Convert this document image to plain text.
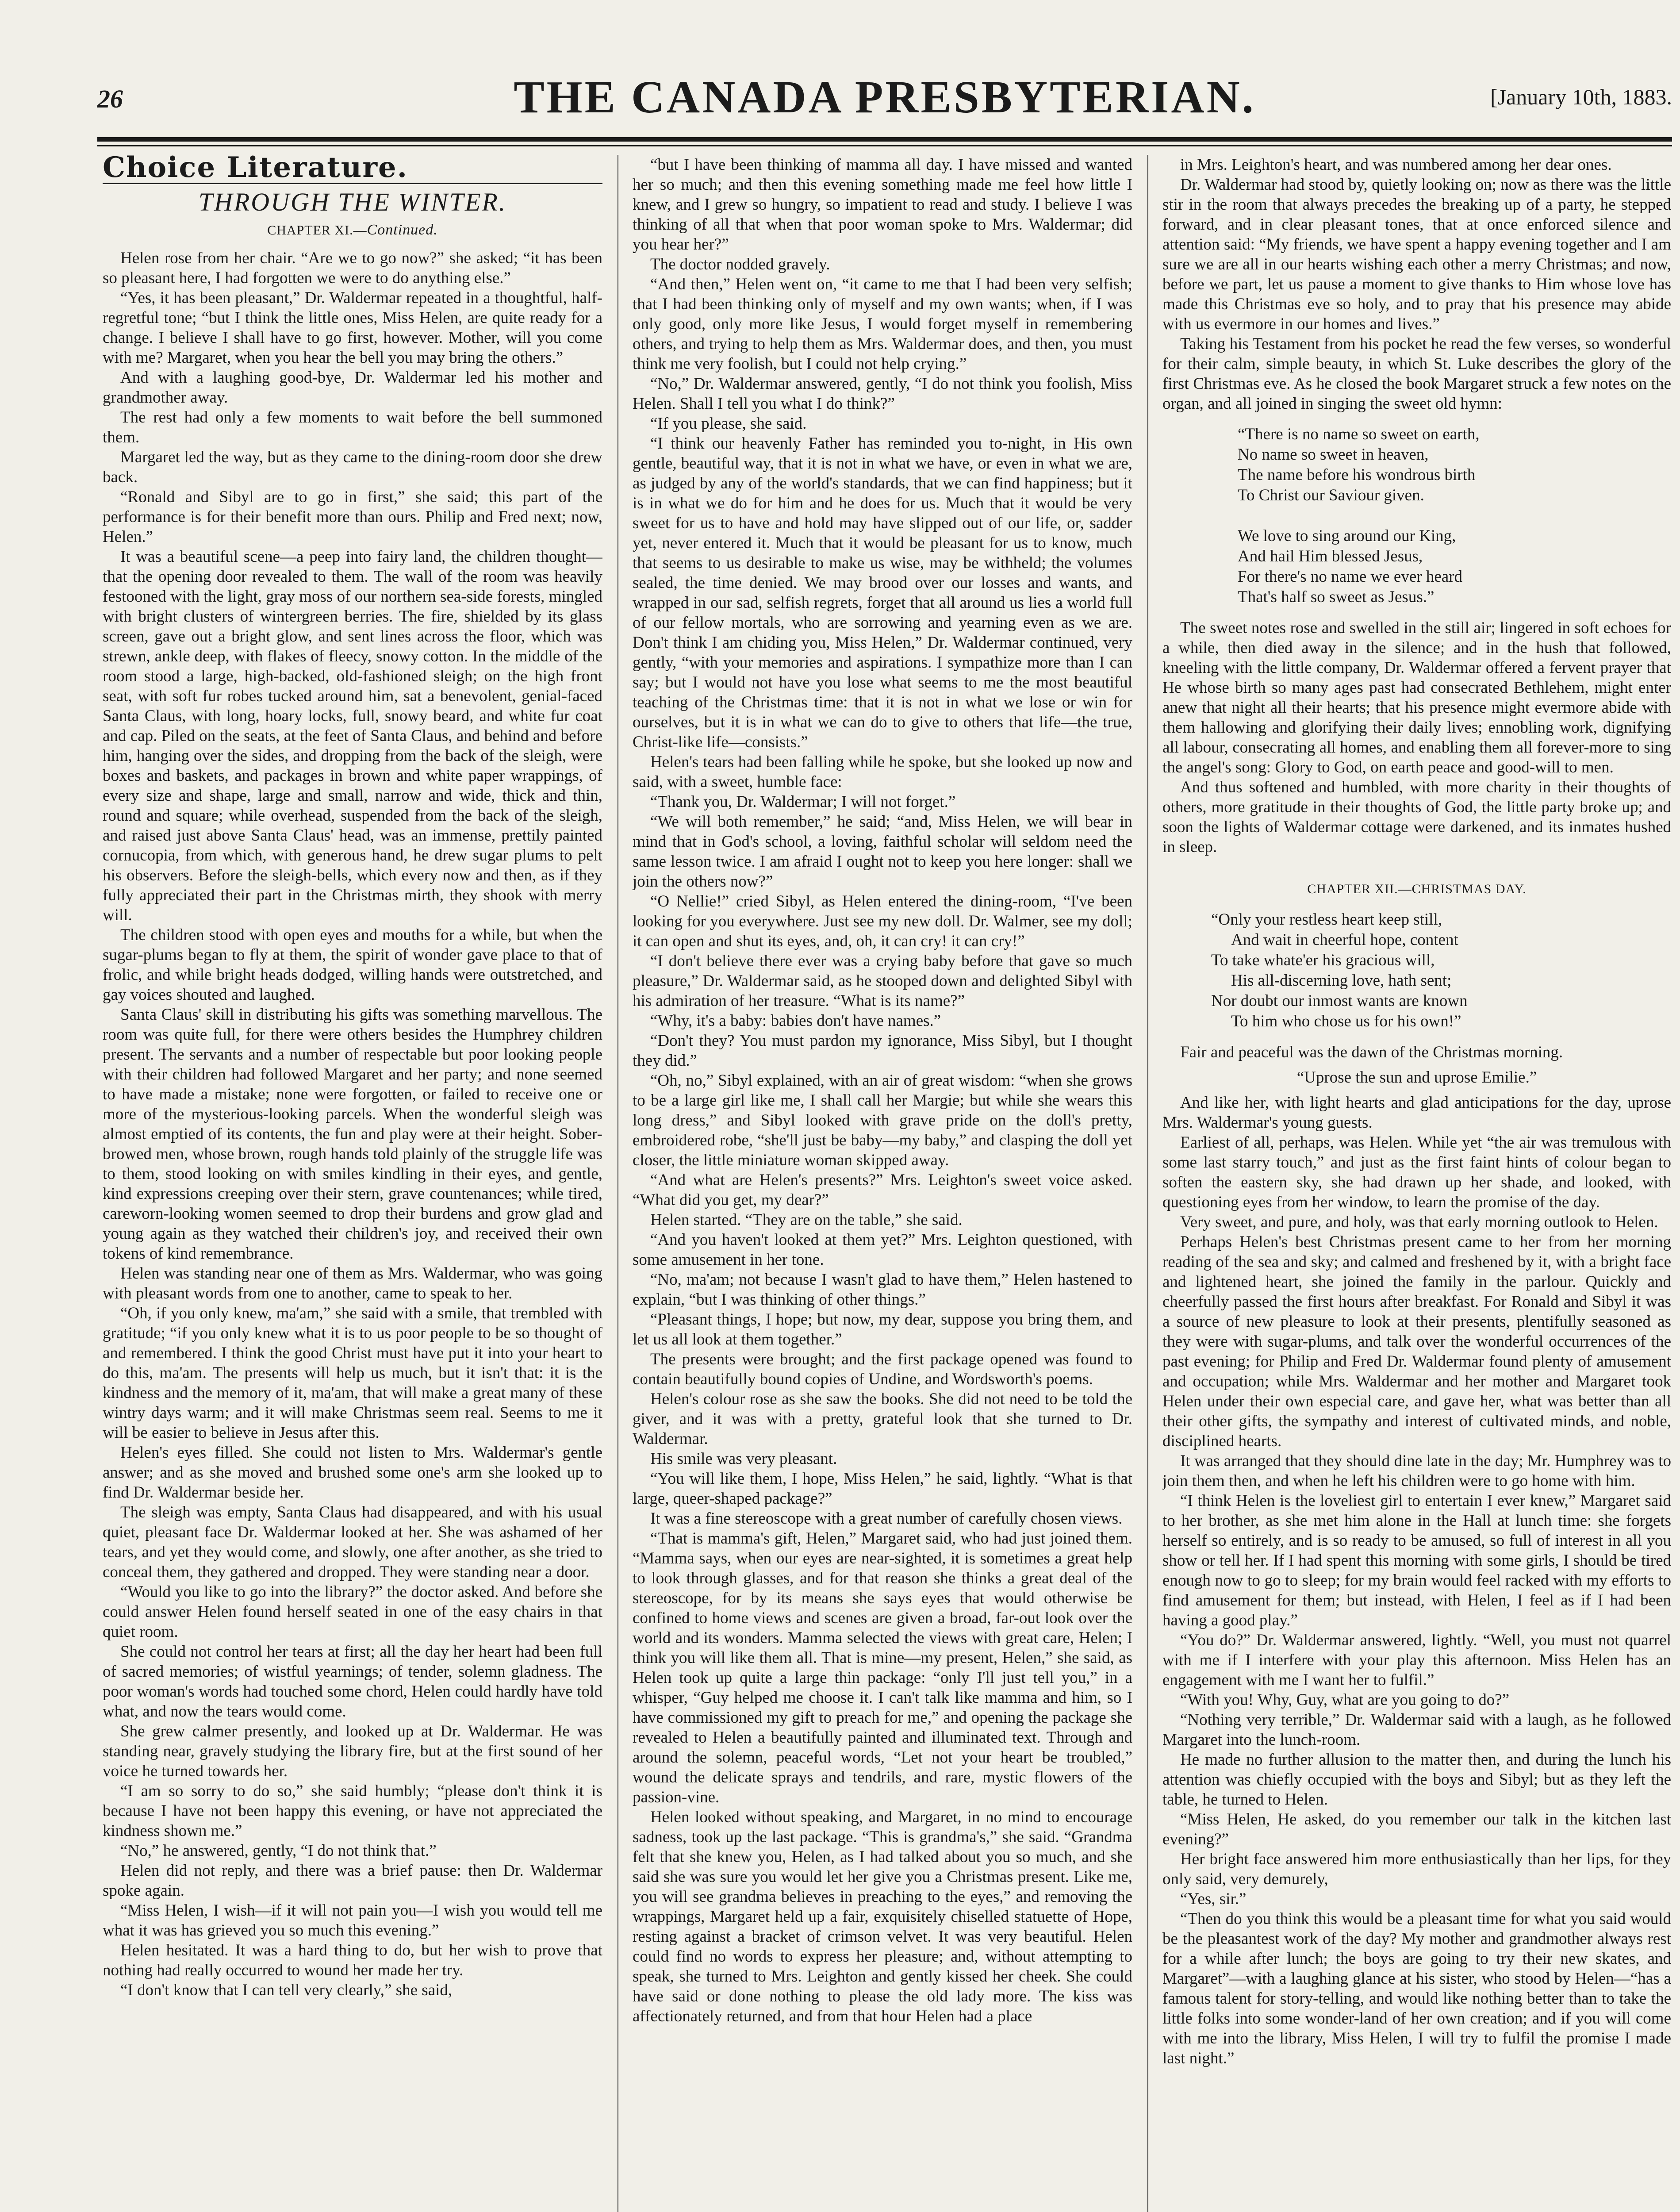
26	THE CANADA PRESBYTERIAN.	[January 10th, 1883.
Choice Literature.
THROUGH THE WINTER.
CHAPTER XI.—Continued.

Helen rose from her chair. “Are we to go now?” she asked; “it has been so pleasant here, I had forgotten we were to do anything else.”

“Yes, it has been pleasant,” Dr. Waldermar repeated in a thoughtful, half-regretful tone; “but I think the little ones, Miss Helen, are quite ready for a change. I believe I shall have to go first, however. Mother, will you come with me? Margaret, when you hear the bell you may bring the others.”

And with a laughing good-bye, Dr. Waldermar led his mother and grandmother away.

The rest had only a few moments to wait before the bell summoned them.

Margaret led the way, but as they came to the dining-room door she drew back.

“Ronald and Sibyl are to go in first,” she said; this part of the performance is for their benefit more than ours. Philip and Fred next; now, Helen.”

It was a beautiful scene—a peep into fairy land, the children thought—that the opening door revealed to them. The wall of the room was heavily festooned with the light, gray moss of our northern sea-side forests, mingled with bright clusters of wintergreen berries. The fire, shielded by its glass screen, gave out a bright glow, and sent lines across the floor, which was strewn, ankle deep, with flakes of fleecy, snowy cotton. In the middle of the room stood a large, high-backed, old-fashioned sleigh; on the high front seat, with soft fur robes tucked around him, sat a benevolent, genial-faced Santa Claus, with long, hoary locks, full, snowy beard, and white fur coat and cap. Piled on the seats, at the feet of Santa Claus, and behind and before him, hanging over the sides, and dropping from the back of the sleigh, were boxes and baskets, and packages in brown and white paper wrappings, of every size and shape, large and small, narrow and wide, thick and thin, round and square; while overhead, suspended from the back of the sleigh, and raised just above Santa Claus' head, was an immense, prettily painted cornucopia, from which, with generous hand, he drew sugar plums to pelt his observers. Before the sleigh-bells, which every now and then, as if they fully appreciated their part in the Christmas mirth, they shook with merry will.

The children stood with open eyes and mouths for a while, but when the sugar-plums began to fly at them, the spirit of wonder gave place to that of frolic, and while bright heads dodged, willing hands were outstretched, and gay voices shouted and laughed.

Santa Claus' skill in distributing his gifts was something marvellous. The room was quite full, for there were others besides the Humphrey children present. The servants and a number of respectable but poor looking people with their children had followed Margaret and her party; and none seemed to have made a mistake; none were forgotten, or failed to receive one or more of the mysterious-looking parcels. When the wonderful sleigh was almost emptied of its contents, the fun and play were at their height. Sober-browed men, whose brown, rough hands told plainly of the struggle life was to them, stood looking on with smiles kindling in their eyes, and gentle, kind expressions creeping over their stern, grave countenances; while tired, careworn-looking women seemed to drop their burdens and grow glad and young again as they watched their children's joy, and received their own tokens of kind remembrance.

Helen was standing near one of them as Mrs. Waldermar, who was going with pleasant words from one to another, came to speak to her.

“Oh, if you only knew, ma'am,” she said with a smile, that trembled with gratitude; “if you only knew what it is to us poor people to be so thought of and remembered. I think the good Christ must have put it into your heart to do this, ma'am. The presents will help us much, but it isn't that: it is the kindness and the memory of it, ma'am, that will make a great many of these wintry days warm; and it will make Christmas seem real. Seems to me it will be easier to believe in Jesus after this.

Helen's eyes filled. She could not listen to Mrs. Waldermar's gentle answer; and as she moved and brushed some one's arm she looked up to find Dr. Waldermar beside her.

The sleigh was empty, Santa Claus had disappeared, and with his usual quiet, pleasant face Dr. Waldermar looked at her. She was ashamed of her tears, and yet they would come, and slowly, one after another, as she tried to conceal them, they gathered and dropped. They were standing near a door.

“Would you like to go into the library?” the doctor asked. And before she could answer Helen found herself seated in one of the easy chairs in that quiet room.

She could not control her tears at first; all the day her heart had been full of sacred memories; of wistful yearnings; of tender, solemn gladness. The poor woman's words had touched some chord, Helen could hardly have told what, and now the tears would come.

She grew calmer presently, and looked up at Dr. Waldermar. He was standing near, gravely studying the library fire, but at the first sound of her voice he turned towards her.

“I am so sorry to do so,” she said humbly; “please don't think it is because I have not been happy this evening, or have not appreciated the kindness shown me.”

“No,” he answered, gently, “I do not think that.”

Helen did not reply, and there was a brief pause: then Dr. Waldermar spoke again.

“Miss Helen, I wish—if it will not pain you—I wish you would tell me what it was has grieved you so much this evening.”

Helen hesitated. It was a hard thing to do, but her wish to prove that nothing had really occurred to wound her made her try.

“I don't know that I can tell very clearly,” she said,

“but I have been thinking of mamma all day. I have missed and wanted her so much; and then this evening something made me feel how little I knew, and I grew so hungry, so impatient to read and study. I believe I was thinking of all that when that poor woman spoke to Mrs. Waldermar; did you hear her?”

The doctor nodded gravely.

“And then,” Helen went on, “it came to me that I had been very selfish; that I had been thinking only of myself and my own wants; when, if I was only good, only more like Jesus, I would forget myself in remembering others, and trying to help them as Mrs. Waldermar does, and then, you must think me very foolish, but I could not help crying.”

“No,” Dr. Waldermar answered, gently, “I do not think you foolish, Miss Helen. Shall I tell you what I do think?”

“If you please, she said.

“I think our heavenly Father has reminded you to-night, in His own gentle, beautiful way, that it is not in what we have, or even in what we are, as judged by any of the world's standards, that we can find happiness; but it is in what we do for him and he does for us. Much that it would be very sweet for us to have and hold may have slipped out of our life, or, sadder yet, never entered it. Much that it would be pleasant for us to know, much that seems to us desirable to make us wise, may be withheld; the volumes sealed, the time denied. We may brood over our losses and wants, and wrapped in our sad, selfish regrets, forget that all around us lies a world full of our fellow mortals, who are sorrowing and yearning even as we are. Don't think I am chiding you, Miss Helen,” Dr. Waldermar continued, very gently, “with your memories and aspirations. I sympathize more than I can say; but I would not have you lose what seems to me the most beautiful teaching of the Christmas time: that it is not in what we lose or win for ourselves, but it is in what we can do to give to others that life—the true, Christ-like life—consists.”

Helen's tears had been falling while he spoke, but she looked up now and said, with a sweet, humble face:

“Thank you, Dr. Waldermar; I will not forget.”

“We will both remember,” he said; “and, Miss Helen, we will bear in mind that in God's school, a loving, faithful scholar will seldom need the same lesson twice. I am afraid I ought not to keep you here longer: shall we join the others now?”

“O Nellie!” cried Sibyl, as Helen entered the dining-room, “I've been looking for you everywhere. Just see my new doll. Dr. Walmer, see my doll; it can open and shut its eyes, and, oh, it can cry! it can cry!”

“I don't believe there ever was a crying baby before that gave so much pleasure,” Dr. Waldermar said, as he stooped down and delighted Sibyl with his admiration of her treasure. “What is its name?”

“Why, it's a baby: babies don't have names.”

“Don't they? You must pardon my ignorance, Miss Sibyl, but I thought they did.”

“Oh, no,” Sibyl explained, with an air of great wisdom: “when she grows to be a large girl like me, I shall call her Margie; but while she wears this long dress,” and Sibyl looked with grave pride on the doll's pretty, embroidered robe, “she'll just be baby—my baby,” and clasping the doll yet closer, the little miniature woman skipped away.

“And what are Helen's presents?” Mrs. Leighton's sweet voice asked. “What did you get, my dear?”

Helen started. “They are on the table,” she said.

“And you haven't looked at them yet?” Mrs. Leighton questioned, with some amusement in her tone.

“No, ma'am; not because I wasn't glad to have them,” Helen hastened to explain, “but I was thinking of other things.”

“Pleasant things, I hope; but now, my dear, suppose you bring them, and let us all look at them together.”

The presents were brought; and the first package opened was found to contain beautifully bound copies of Undine, and Wordsworth's poems.

Helen's colour rose as she saw the books. She did not need to be told the giver, and it was with a pretty, grateful look that she turned to Dr. Waldermar.

His smile was very pleasant.

“You will like them, I hope, Miss Helen,” he said, lightly. “What is that large, queer-shaped package?”

It was a fine stereoscope with a great number of carefully chosen views.

“That is mamma's gift, Helen,” Margaret said, who had just joined them. “Mamma says, when our eyes are near-sighted, it is sometimes a great help to look through glasses, and for that reason she thinks a great deal of the stereoscope, for by its means she says eyes that would otherwise be confined to home views and scenes are given a broad, far-out look over the world and its wonders. Mamma selected the views with great care, Helen; I think you will like them all. That is mine—my present, Helen,” she said, as Helen took up quite a large thin package: “only I'll just tell you,” in a whisper, “Guy helped me choose it. I can't talk like mamma and him, so I have commissioned my gift to preach for me,” and opening the package she revealed to Helen a beautifully painted and illuminated text. Through and around the solemn, peaceful words, “Let not your heart be troubled,” wound the delicate sprays and tendrils, and rare, mystic flowers of the passion-vine.

Helen looked without speaking, and Margaret, in no mind to encourage sadness, took up the last package. “This is grandma's,” she said. “Grandma felt that she knew you, Helen, as I had talked about you so much, and she said she was sure you would let her give you a Christmas present. Like me, you will see grandma believes in preaching to the eyes,” and removing the wrappings, Margaret held up a fair, exquisitely chiselled statuette of Hope, resting against a bracket of crimson velvet. It was very beautiful. Helen could find no words to express her pleasure; and, without attempting to speak, she turned to Mrs. Leighton and gently kissed her cheek. She could have said or done nothing to please the old lady more. The kiss was affectionately returned, and from that hour Helen had a place

in Mrs. Leighton's heart, and was numbered among her dear ones.

Dr. Waldermar had stood by, quietly looking on; now as there was the little stir in the room that always precedes the breaking up of a party, he stepped forward, and in clear pleasant tones, that at once enforced silence and attention said: “My friends, we have spent a happy evening together and I am sure we are all in our hearts wishing each other a merry Christmas; and now, before we part, let us pause a moment to give thanks to Him whose love has made this Christmas eve so holy, and to pray that his presence may abide with us evermore in our homes and lives.”

Taking his Testament from his pocket he read the few verses, so wonderful for their calm, simple beauty, in which St. Luke describes the glory of the first Christmas eve. As he closed the book Margaret struck a few notes on the organ, and all joined in singing the sweet old hymn:

“There is no name so sweet on earth,
No name so sweet in heaven,
The name before his wondrous birth
To Christ our Saviour given.
We love to sing around our King,
And hail Him blessed Jesus,
For there's no name we ever heard
That's half so sweet as Jesus.”

The sweet notes rose and swelled in the still air; lingered in soft echoes for a while, then died away in the silence; and in the hush that followed, kneeling with the little company, Dr. Waldermar offered a fervent prayer that He whose birth so many ages past had consecrated Bethlehem, might enter anew that night all their hearts; that his presence might evermore abide with them hallowing and glorifying their daily lives; ennobling work, dignifying all labour, consecrating all homes, and enabling them all forever-more to sing the angel's song: Glory to God, on earth peace and good-will to men.

And thus softened and humbled, with more charity in their thoughts of others, more gratitude in their thoughts of God, the little party broke up; and soon the lights of Waldermar cottage were darkened, and its inmates hushed in sleep.

CHAPTER XII.—CHRISTMAS DAY.
“Only your restless heart keep still,
And wait in cheerful hope, content
To take whate'er his gracious will,
His all-discerning love, hath sent;
Nor doubt our inmost wants are known
To him who chose us for his own!”

Fair and peaceful was the dawn of the Christmas morning.

“Uprose the sun and uprose Emilie.”

And like her, with light hearts and glad anticipations for the day, uprose Mrs. Waldermar's young guests.

Earliest of all, perhaps, was Helen. While yet “the air was tremulous with some last starry touch,” and just as the first faint hints of colour began to soften the eastern sky, she had drawn up her shade, and looked, with questioning eyes from her window, to learn the promise of the day.

Very sweet, and pure, and holy, was that early morning outlook to Helen.

Perhaps Helen's best Christmas present came to her from her morning reading of the sea and sky; and calmed and freshened by it, with a bright face and lightened heart, she joined the family in the parlour. Quickly and cheerfully passed the first hours after breakfast. For Ronald and Sibyl it was a source of new pleasure to look at their presents, plentifully seasoned as they were with sugar-plums, and talk over the wonderful occurrences of the past evening; for Philip and Fred Dr. Waldermar found plenty of amusement and occupation; while Mrs. Waldermar and her mother and Margaret took Helen under their own especial care, and gave her, what was better than all their other gifts, the sympathy and interest of cultivated minds, and noble, disciplined hearts.

It was arranged that they should dine late in the day; Mr. Humphrey was to join them then, and when he left his children were to go home with him.

“I think Helen is the loveliest girl to entertain I ever knew,” Margaret said to her brother, as she met him alone in the Hall at lunch time: she forgets herself so entirely, and is so ready to be amused, so full of interest in all you show or tell her. If I had spent this morning with some girls, I should be tired enough now to go to sleep; for my brain would feel racked with my efforts to find amusement for them; but instead, with Helen, I feel as if I had been having a good play.”

“You do?” Dr. Waldermar answered, lightly. “Well, you must not quarrel with me if I interfere with your play this afternoon. Miss Helen has an engagement with me I want her to fulfil.”

“With you! Why, Guy, what are you going to do?”

“Nothing very terrible,” Dr. Waldermar said with a laugh, as he followed Margaret into the lunch-room.

He made no further allusion to the matter then, and during the lunch his attention was chiefly occupied with the boys and Sibyl; but as they left the table, he turned to Helen.

“Miss Helen, He asked, do you remember our talk in the kitchen last evening?”

Her bright face answered him more enthusiastically than her lips, for they only said, very demurely,

“Yes, sir.”

“Then do you think this would be a pleasant time for what you said would be the pleasantest work of the day? My mother and grandmother always rest for a while after lunch; the boys are going to try their new skates, and Margaret”—with a laughing glance at his sister, who stood by Helen—“has a famous talent for story-telling, and would like nothing better than to take the little folks into some wonder-land of her own creation; and if you will come with me into the library, Miss Helen, I will try to fulfil the promise I made last night.”
